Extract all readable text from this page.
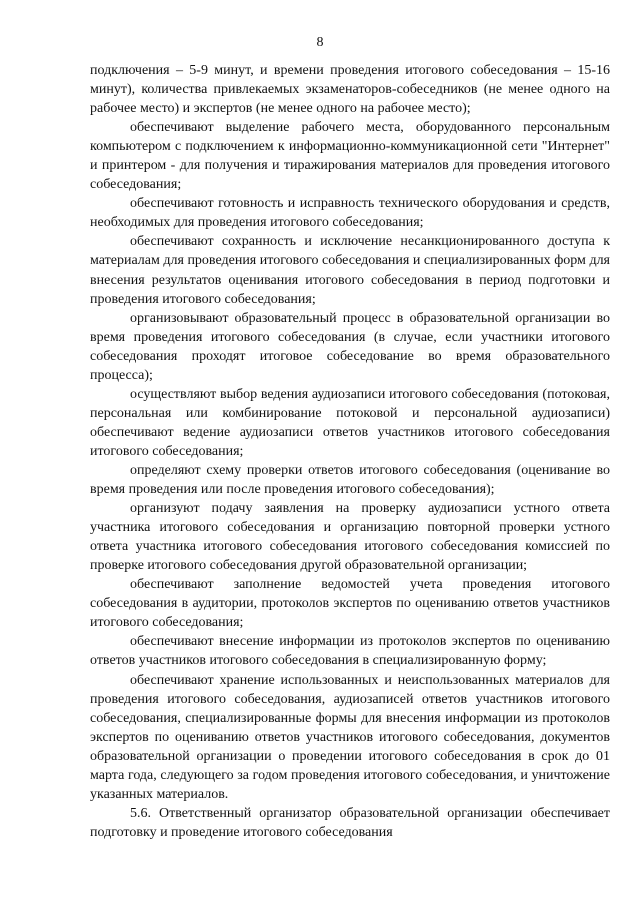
8

подключения – 5-9 минут, и времени проведения итогового собеседования – 15-16 минут), количества привлекаемых экзаменаторов-собеседников (не менее одного на рабочее место) и экспертов (не менее одного на рабочее место);

обеспечивают выделение рабочего места, оборудованного персональным компьютером с подключением к информационно-коммуникационной сети "Интернет" и принтером - для получения и тиражирования материалов для проведения итогового собеседования;

обеспечивают готовность и исправность технического оборудования и средств, необходимых для проведения итогового собеседования;

обеспечивают сохранность и исключение несанкционированного доступа к материалам для проведения итогового собеседования и специализированных форм для внесения результатов оценивания итогового собеседования в период подготовки и проведения итогового собеседования;

организовывают образовательный процесс в образовательной организации во время проведения итогового собеседования (в случае, если участники итогового собеседования проходят итоговое собеседование во время образовательного процесса);

осуществляют выбор ведения аудиозаписи итогового собеседования (потоковая, персональная или комбинирование потоковой и персональной аудиозаписи) обеспечивают ведение аудиозаписи ответов участников итогового собеседования итогового собеседования;

определяют схему проверки ответов итогового собеседования (оценивание во время проведения или после проведения итогового собеседования);

организуют подачу заявления на проверку аудиозаписи устного ответа участника итогового собеседования и организацию повторной проверки устного ответа участника итогового собеседования итогового собеседования комиссией по проверке итогового собеседования другой образовательной организации;

обеспечивают заполнение ведомостей учета проведения итогового собеседования в аудитории, протоколов экспертов по оцениванию ответов участников итогового собеседования;

обеспечивают внесение информации из протоколов экспертов по оцениванию ответов участников итогового собеседования в специализированную форму;

обеспечивают хранение использованных и неиспользованных материалов для проведения итогового собеседования, аудиозаписей ответов участников итогового собеседования, специализированные формы для внесения информации из протоколов экспертов по оцениванию ответов участников итогового собеседования, документов образовательной организации о проведении итогового собеседования в срок до 01 марта года, следующего за годом проведения итогового собеседования, и уничтожение указанных материалов.

5.6. Ответственный организатор образовательной организации обеспечивает подготовку и проведение итогового собеседования
